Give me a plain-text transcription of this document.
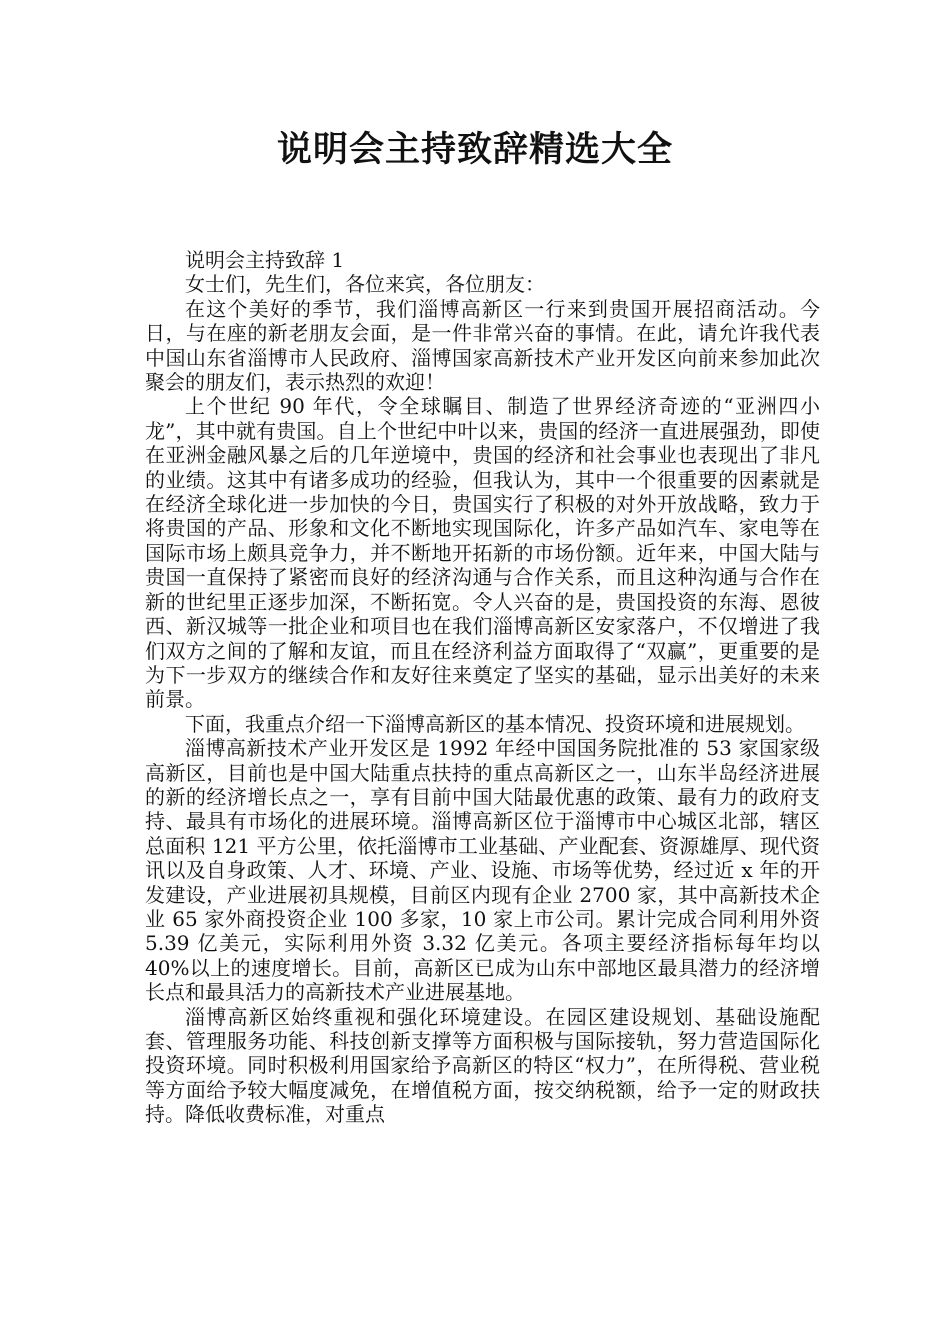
说明会主持致辞精选大全

说明会主持致辞 1

女士们，先生们，各位来宾，各位朋友：

在这个美好的季节，我们淄博高新区一行来到贵国开展招商活动。今日，与在座的新老朋友会面，是一件非常兴奋的事情。在此，请允许我代表中国山东省淄博市人民政府、淄博国家高新技术产业开发区向前来参加此次聚会的朋友们，表示热烈的欢迎！

上个世纪 90 年代，令全球瞩目、制造了世界经济奇迹的“亚洲四小龙”，其中就有贵国。自上个世纪中叶以来，贵国的经济一直进展强劲，即使在亚洲金融风暴之后的几年逆境中，贵国的经济和社会事业也表现出了非凡的业绩。这其中有诸多成功的经验，但我认为，其中一个很重要的因素就是在经济全球化进一步加快的今日，贵国实行了积极的对外开放战略，致力于将贵国的产品、形象和文化不断地实现国际化，许多产品如汽车、家电等在国际市场上颇具竞争力，并不断地开拓新的市场份额。近年来，中国大陆与贵国一直保持了紧密而良好的经济沟通与合作关系，而且这种沟通与合作在新的世纪里正逐步加深，不断拓宽。令人兴奋的是，贵国投资的东海、恩彼西、新汉城等一批企业和项目也在我们淄博高新区安家落户，不仅增进了我们双方之间的了解和友谊，而且在经济利益方面取得了“双赢”，更重要的是为下一步双方的继续合作和友好往来奠定了坚实的基础，显示出美好的未来前景。

下面，我重点介绍一下淄博高新区的基本情况、投资环境和进展规划。

淄博高新技术产业开发区是 1992 年经中国国务院批准的 53 家国家级高新区，目前也是中国大陆重点扶持的重点高新区之一，山东半岛经济进展的新的经济增长点之一，享有目前中国大陆最优惠的政策、最有力的政府支持、最具有市场化的进展环境。淄博高新区位于淄博市中心城区北部，辖区总面积 121 平方公里，依托淄博市工业基础、产业配套、资源雄厚、现代资讯以及自身政策、人才、环境、产业、设施、市场等优势，经过近 x 年的开发建设，产业进展初具规模，目前区内现有企业 2700 家，其中高新技术企业 65 家外商投资企业 100 多家，10 家上市公司。累计完成合同利用外资 5.39 亿美元，实际利用外资 3.32 亿美元。各项主要经济指标每年均以 40%以上的速度增长。目前，高新区已成为山东中部地区最具潜力的经济增长点和最具活力的高新技术产业进展基地。

淄博高新区始终重视和强化环境建设。在园区建设规划、基础设施配套、管理服务功能、科技创新支撑等方面积极与国际接轨，努力营造国际化投资环境。同时积极利用国家给予高新区的特区“权力”，在所得税、营业税等方面给予较大幅度减免，在增值税方面，按交纳税额，给予一定的财政扶持。降低收费标准，对重点
